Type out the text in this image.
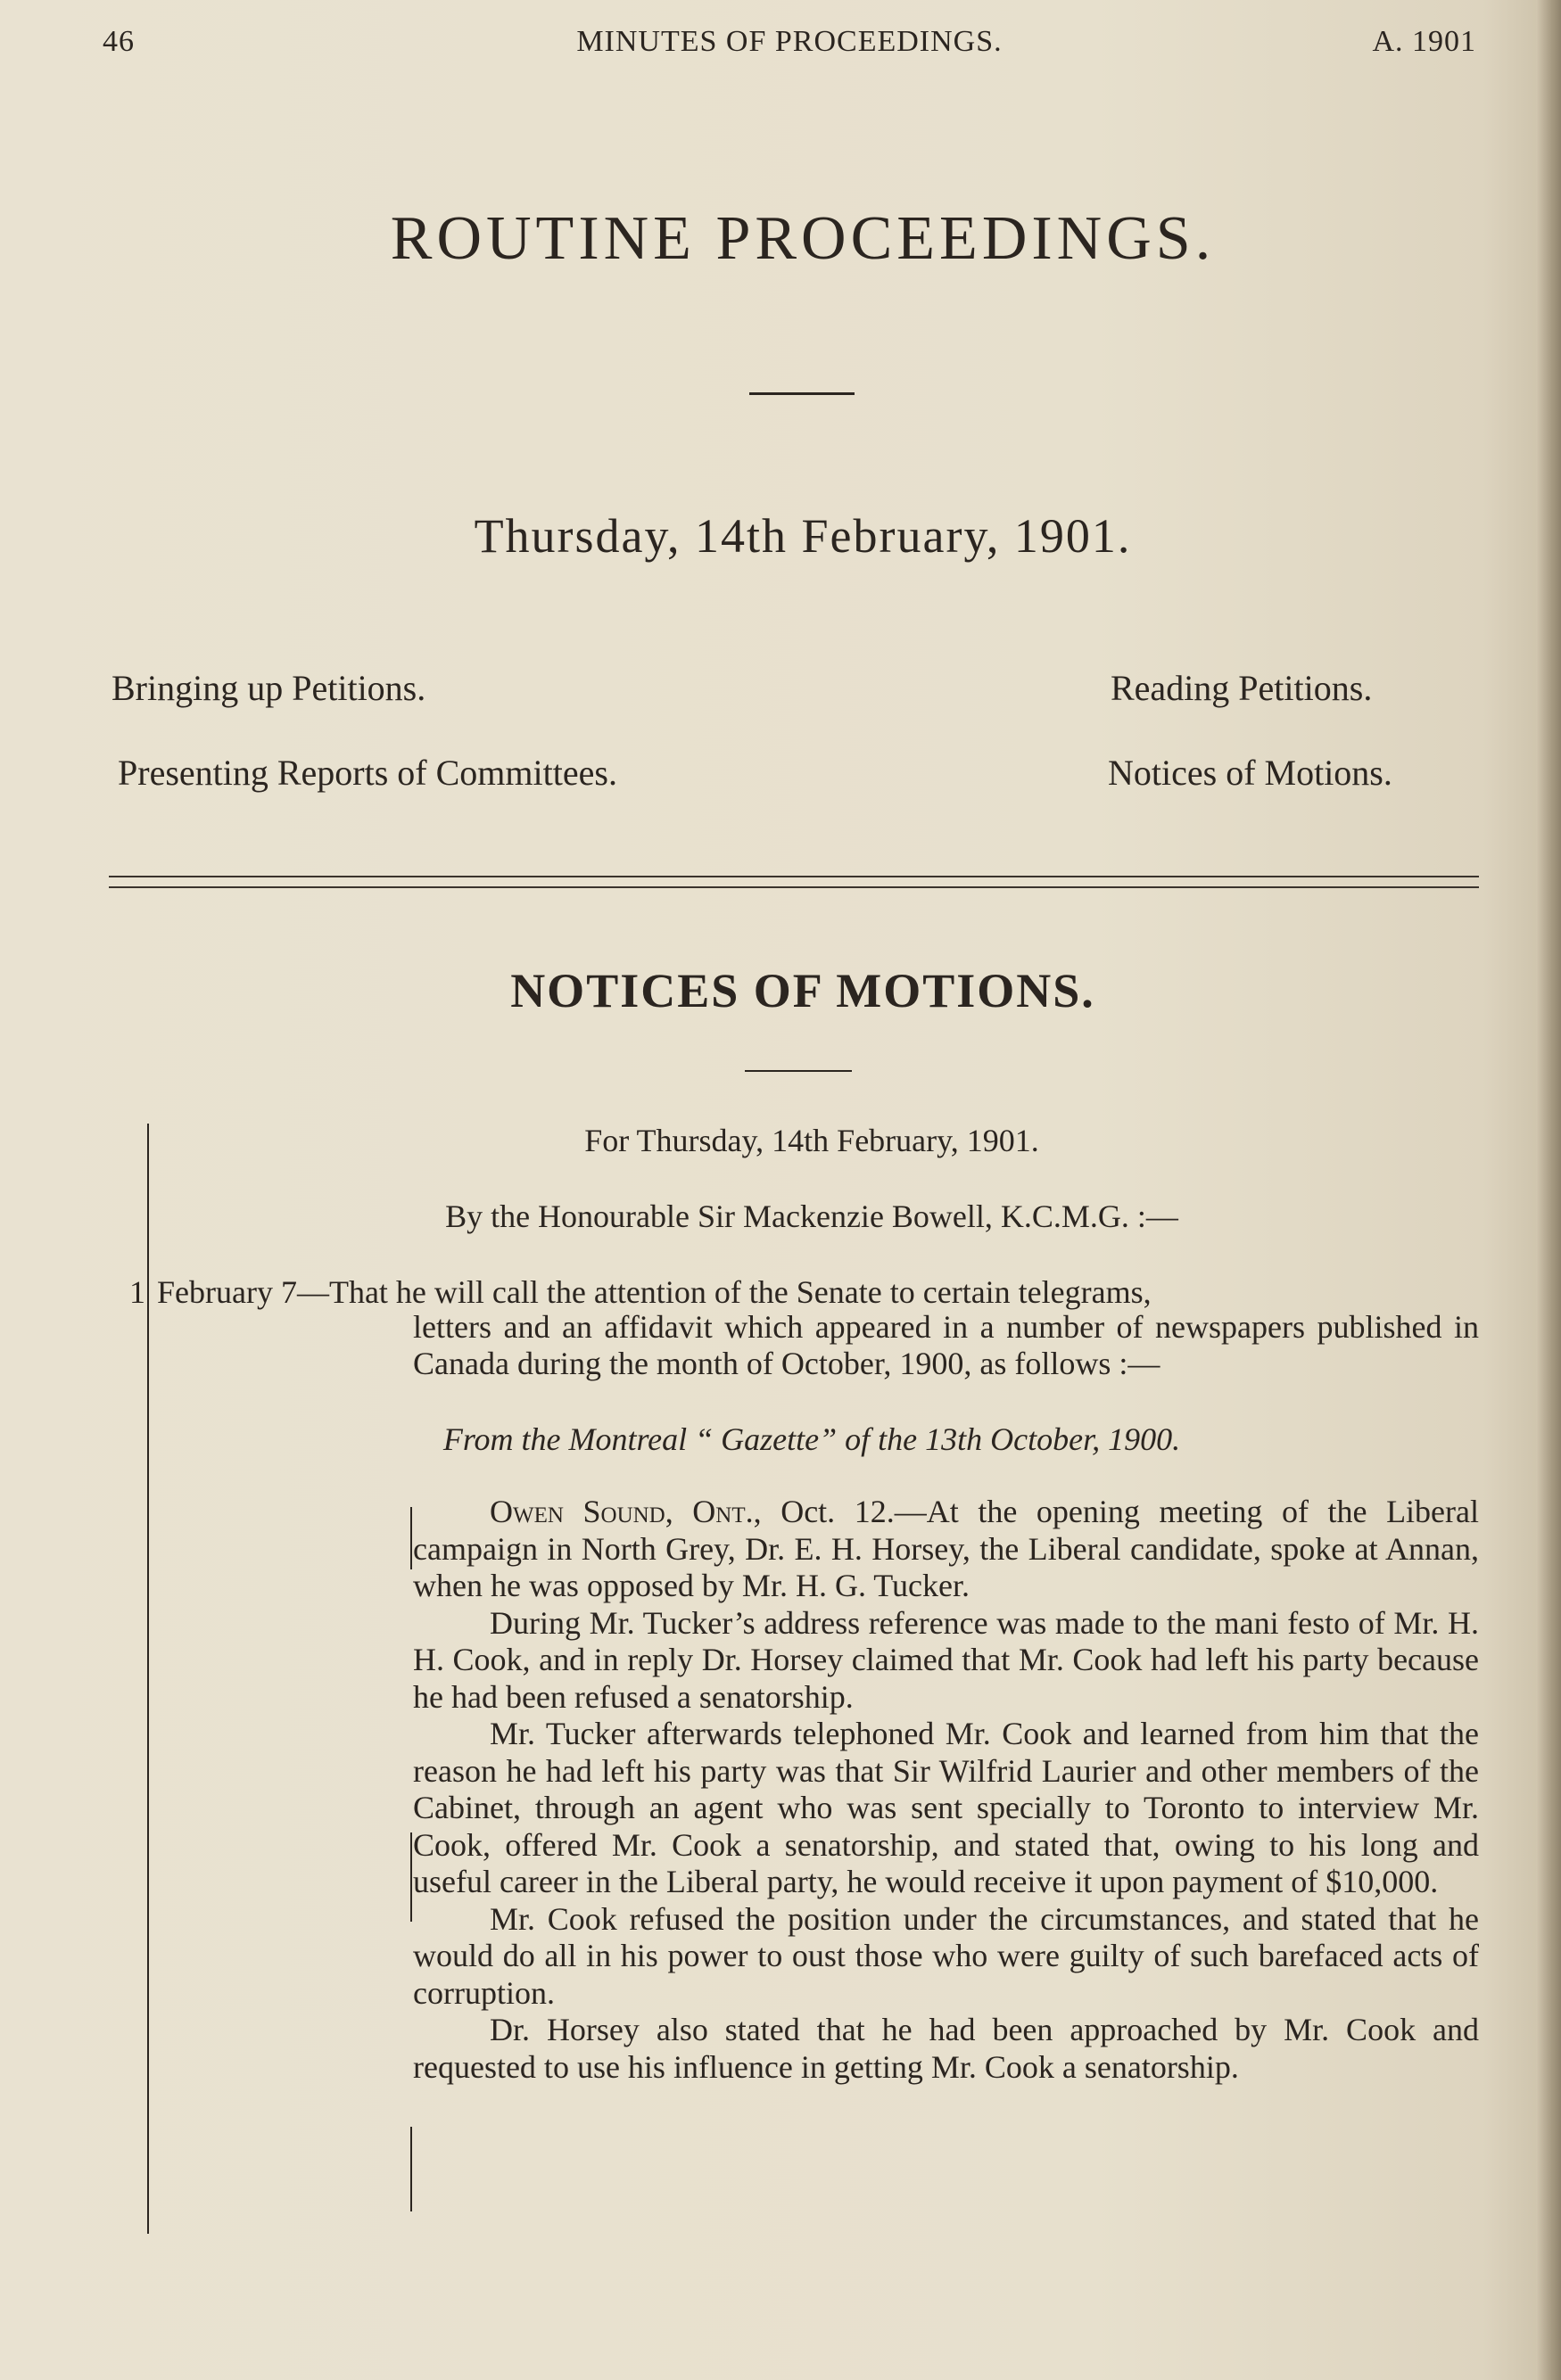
46	MINUTES OF PROCEEDINGS.	A. 1901
ROUTINE PROCEEDINGS.
Thursday, 14th February, 1901.
Bringing up Petitions.	Reading Petitions.
Presenting Reports of Committees.	Notices of Motions.
NOTICES OF MOTIONS.
For Thursday, 14th February, 1901.
By the Honourable Sir Mackenzie Bowell, K.C.M.G. :—
1 February 7—That he will call the attention of the Senate to certain telegrams,
letters and an affidavit which appeared in a number of newspapers published in Canada during the month of October, 1900, as follows :—
From the Montreal “ Gazette” of the 13th October, 1900.

Owen Sound, Ont., Oct. 12.—At the opening meeting of the Liberal campaign in North Grey, Dr. E. H. Horsey, the Liberal candidate, spoke at Annan, when he was opposed by Mr. H. G. Tucker.

During Mr. Tucker’s address reference was made to the mani festo of Mr. H. H. Cook, and in reply Dr. Horsey claimed that Mr. Cook had left his party because he had been refused a senatorship.

Mr. Tucker afterwards telephoned Mr. Cook and learned from him that the reason he had left his party was that Sir Wilfrid Laurier and other members of the Cabinet, through an agent who was sent specially to Toronto to interview Mr. Cook, offered Mr. Cook a senatorship, and stated that, owing to his long and useful career in the Liberal party, he would receive it upon payment of $10,000.

Mr. Cook refused the position under the circumstances, and stated that he would do all in his power to oust those who were guilty of such barefaced acts of corruption.

Dr. Horsey also stated that he had been approached by Mr. Cook and requested to use his influence in getting Mr. Cook a senatorship.
